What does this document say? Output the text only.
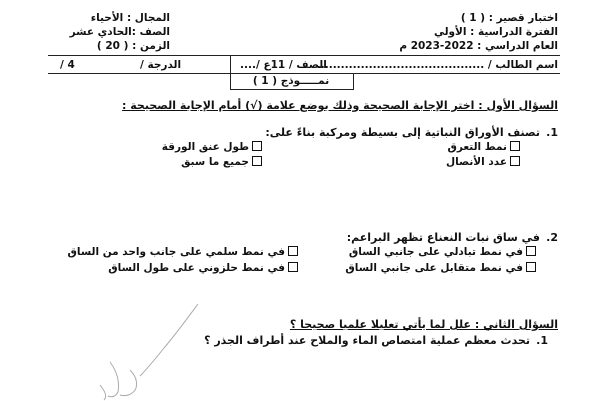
اختبار قصير : ( 1 )
الفترة الدراسية : الأولي
العام الدراسي : 2022-2023 م
المجال : الأحياء
الصف :الحادي عشر
الزمن : ( 20 )
اسم الطالب / ..........................................
الصف / 11ع /....
الدرجة /
/ 4
نمـــــوذج ( 1 )
السؤال الأول : اختر الإجابة الصحيحة وذلك بوضع علامة (√) أمام الإجابة الصحيحة :
1.
تصنف الأوراق النباتية إلى بسيطة ومركبة بناءً على:
نمط التعرق
طول عنق الورقة
عدد الأنصال
جميع ما سبق
2.
في ساق نبات النعناع تظهر البراعم:
في نمط تبادلي على جانبي الساق
في نمط سلمي على جانب واحد من الساق
في نمط متقابل على جانبي الساق
في نمط حلزوني على طول الساق
السؤال الثاني : علل لما يأتي تعليلا علميا صحيحا ؟
1.
تحدث معظم عملية امتصاص الماء والملاح عند أطراف الجذر ؟
